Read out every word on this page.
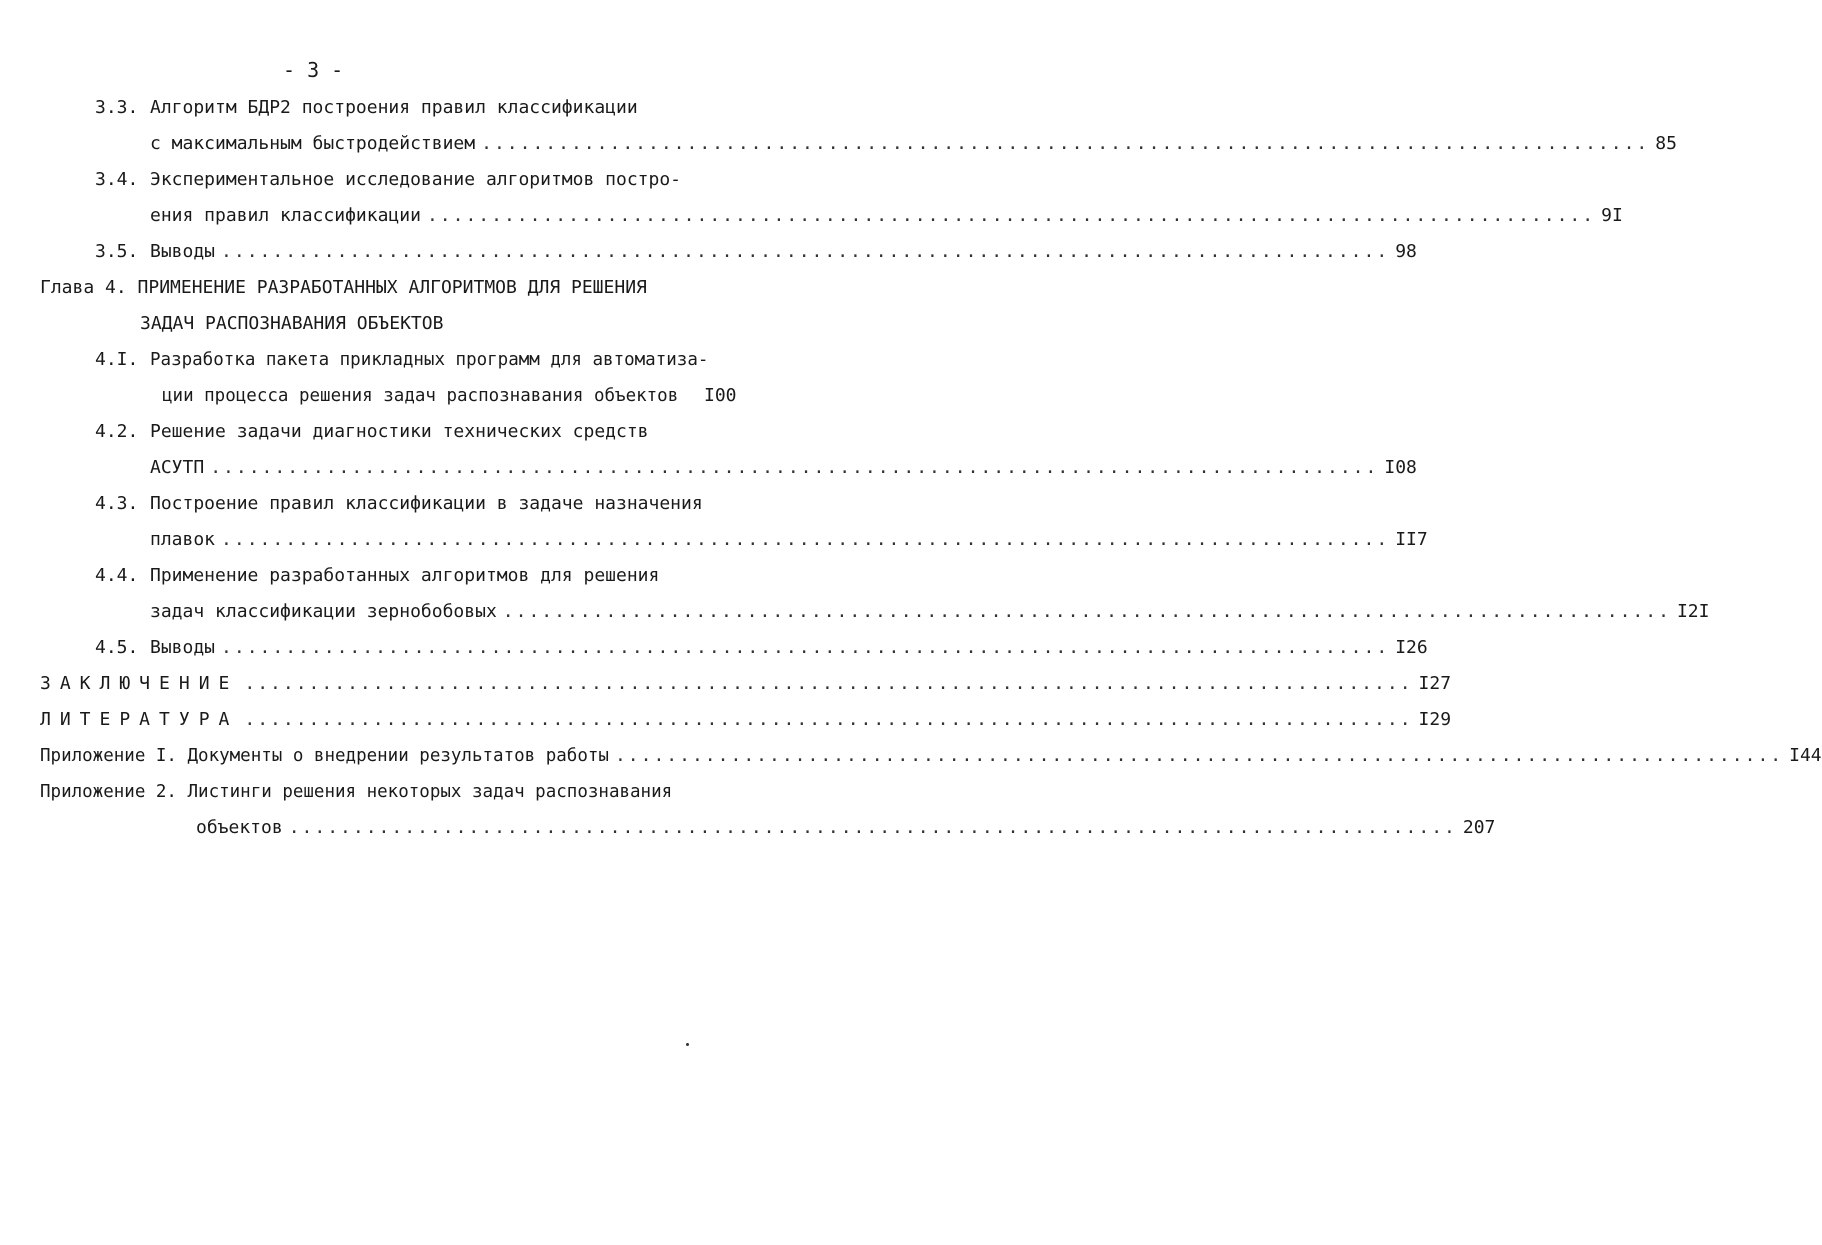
- 3 -
3.3. Алгоритм БДР2 построения правил классификации
с максимальным быстродействием ........................................................................................... 85
3.4. Экспериментальное исследование алгоритмов постро-
ения правил классификации ........................................................................................... 9I
3.5. Выводы ........................................................................................... 98
Глава 4. ПРИМЕНЕНИЕ РАЗРАБОТАННЫХ АЛГОРИТМОВ ДЛЯ РЕШЕНИЯ
ЗАДАЧ РАСПОЗНАВАНИЯ ОБЪЕКТОВ
4.I. Разработка пакета прикладных программ для автоматиза-
ции процесса решения задач распознавания объектов I00
4.2. Решение задачи диагностики технических средств
АСУТП ........................................................................................... I08
4.3. Построение правил классификации в задаче назначения
плавок ........................................................................................... II7
4.4. Применение разработанных алгоритмов для решения
задач классификации зернобобовых ........................................................................................... I2I
4.5. Выводы ........................................................................................... I26
ЗАКЛЮЧЕНИЕ ........................................................................................... I27
ЛИТЕРАТУРА ........................................................................................... I29
Приложение I. Документы о внедрении результатов работы ........................................................................................... I44
Приложение 2. Листинги решения некоторых задач распознавания
объектов ........................................................................................... 207
